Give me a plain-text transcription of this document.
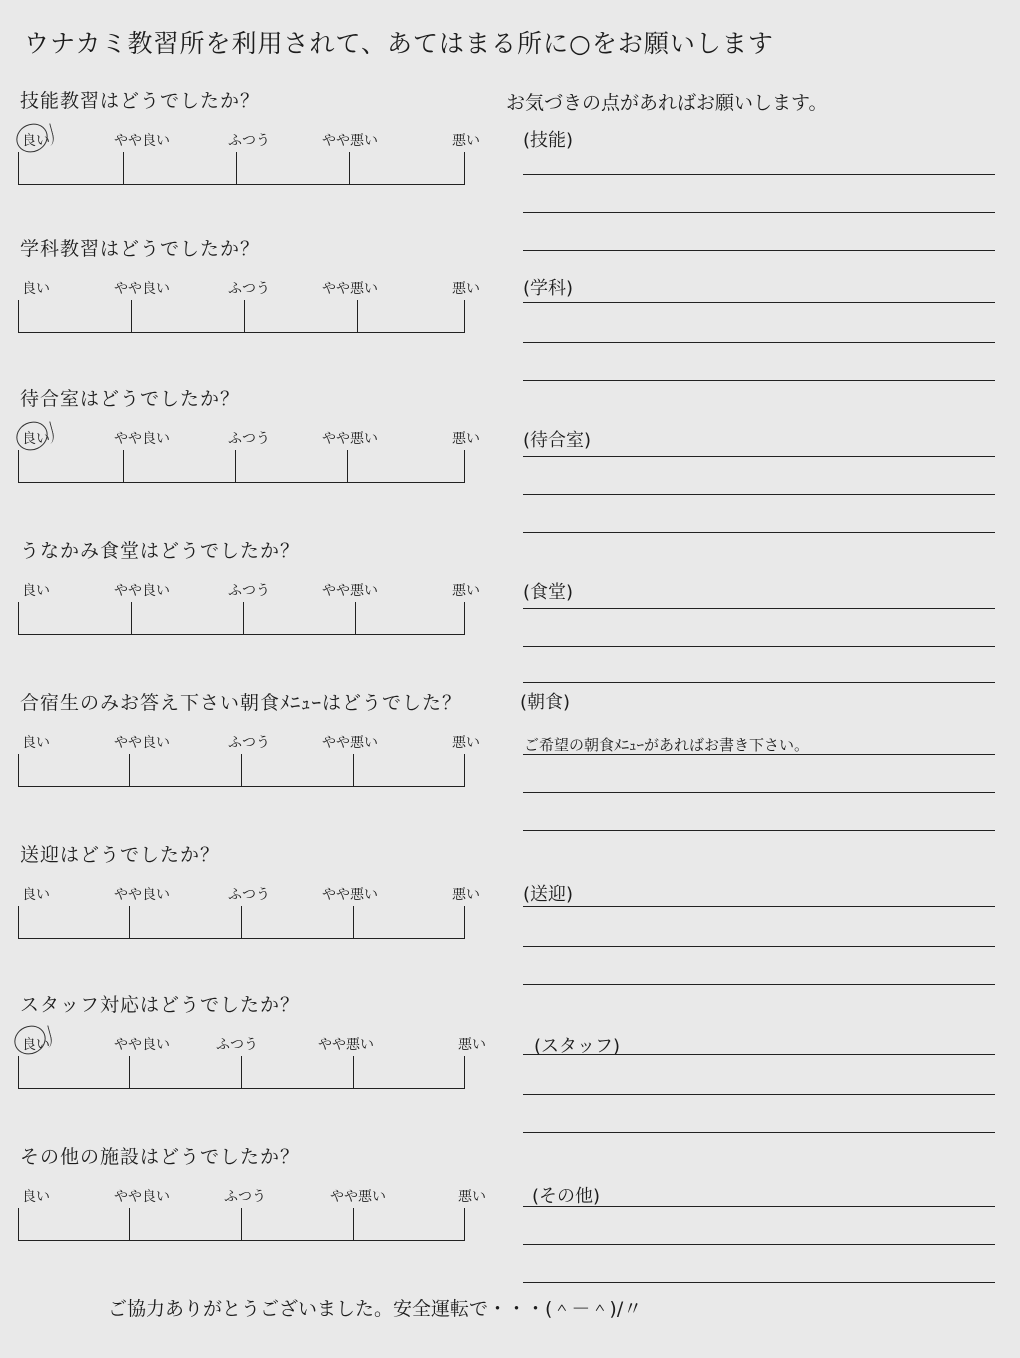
ウナカミ教習所を利用されて、あてはまる所に○をお願いします
お気づきの点があればお願いします。
技能教習はどうでしたか？
良い	やや良い	ふつう	やや悪い	悪い (技能)
学科教習はどうでしたか？
良い	やや良い	ふつう	やや悪い	悪い (学科)
待合室はどうでしたか？
良い	やや良い	ふつう	やや悪い	悪い (待合室)
うなかみ食堂はどうでしたか？
良い	やや良い	ふつう	やや悪い	悪い (食堂)
合宿生のみお答え下さい朝食ﾒﾆｭｰはどうでした？
良い	やや良い	ふつう	やや悪い	悪い
(朝食)
ご希望の朝食ﾒﾆｭｰがあればお書き下さい。
送迎はどうでしたか？
良い	やや良い	ふつう	やや悪い	悪い (送迎)
スタッフ対応はどうでしたか？
良い	やや良い	ふつう	やや悪い	悪い	(スタッフ)
その他の施設はどうでしたか？
良い	やや良い	ふつう	やや悪い	悪い	(その他)
ご協力ありがとうございました。安全運転で・・・(＾－＾)/〃
